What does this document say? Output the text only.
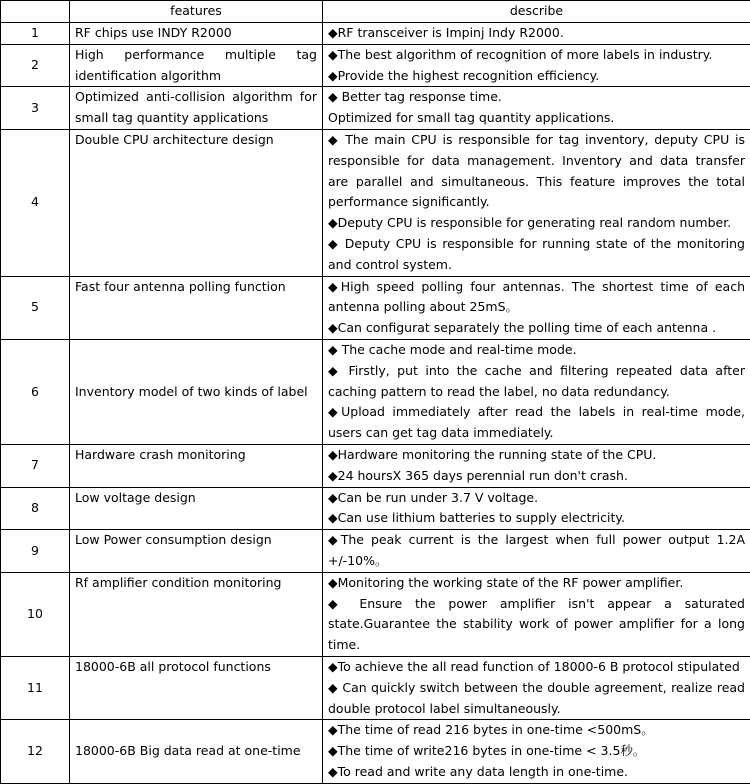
	features	describe
1	RF chips use INDY R2000	◆RF transceiver is Impinj Indy R2000.

2	High performance multiple tag identification algorithm	◆The best algorithm of recognition of more labels in industry.
◆Provide the highest recognition efficiency.

3	Optimized anti-collision algorithm for small tag quantity applications	◆ Better tag response time.
Optimized for small tag quantity applications.

4	Double CPU architecture design	◆ The main CPU is responsible for tag inventory, deputy CPU is responsible for data management. Inventory and data transfer are parallel and simultaneous. This feature improves the total performance significantly.
◆Deputy CPU is responsible for generating real random number.
◆ Deputy CPU is responsible for running state of the monitoring and control system.

5	Fast four antenna polling function	◆High speed polling four antennas. The shortest time of each antenna polling about 25mS。
◆Can configurat separately the polling time of each antenna .

6	Inventory model of two kinds of label	◆ The cache mode and real-time mode.
◆ Firstly, put into the cache and filtering repeated data after caching pattern to read the label, no data redundancy.
◆Upload immediately after read the labels in real-time mode, users can get tag data immediately.

7	Hardware crash monitoring	◆Hardware monitoring the running state of the CPU.
◆24 hoursX 365 days perennial run don't crash.

8	Low voltage design	◆Can be run under 3.7 V voltage.
◆Can use lithium batteries to supply electricity.

9	Low Power consumption design	◆The peak current is the largest when full power output 1.2A +/-10%。

10	Rf amplifier condition monitoring	◆Monitoring the working state of the RF power amplifier.
◆ Ensure the power amplifier isn't appear a saturated state.Guarantee the stability work of power amplifier for a long time.

11	18000-6B all protocol functions	◆To achieve the all read function of 18000-6 B protocol stipulated
◆ Can quickly switch between the double agreement, realize read double protocol label simultaneously.

12	18000-6B Big data read at one-time	◆The time of read 216 bytes in one-time <500mS。
◆The time of write216 bytes in one-time < 3.5秒。
◆To read and write any data length in one-time.
